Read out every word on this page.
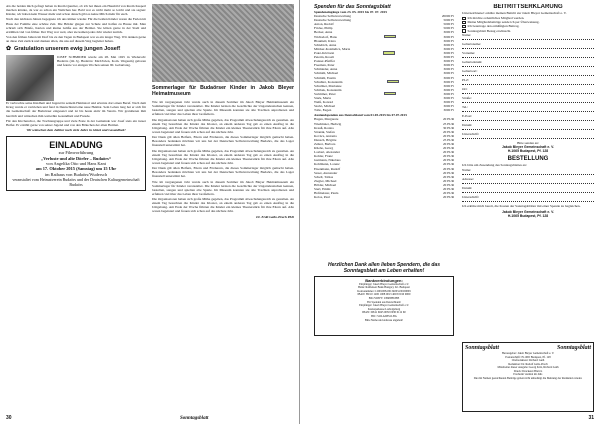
Als die beiden mich gefragt haben in ihrem Quartier, ob ich bei ihnen ein Hausbild von ihrem Kasperl machen könnte, da war es schon ein Weilchen her. Bald war es nicht mehr so leicht und sie sagten: Kinder, wir haben kein Wasser mehr und schon danach gibt es keine Milch mehr für euch.

Nach den nächsten Jahren begegnete ich uns immer wieder. Für die beiden Kinder waren die Ferien im Haus der Familie eine schöne Zeit. Die Brüder gingen zur Schule und halfen zu Hause mit. Man schrieb sich Briefe, Karten und kleine Grüße aus der Heimat. Sie lebten gerne in der Stadt und erzählten viel von früher. Der Weg war weit, aber sie kamen jedes Jahr wieder zurück.

Von den frühen Jahren im Dorf bis zu den Tagen in Budapest war es ein langer Weg. Wir denken gerne an diese Zeit zurück und danken allen, die uns auf diesem Weg begleitet haben.

✿ Gratulation unserem ewig jungen Josef!

JOSEF SCHMIDER wurde am 28. Mai 1925 in Wudersch/ Budaörs (im Jg. Budaörs/ Ma/Ubrien, Kom. Wegeum) geboren und feierte vor einigen Wochen seinen 90. Geburtstag.

Er verbrachte seine Kindheit und Jugend in seinem Heimatort und erlernte dort einen Beruf. Nach dem Krieg wurde er vertrieben und fand in Deutschland eine neue Heimat. Sein Leben lang hat er sich für die Gemeinschaft der Budaörser eingesetzt und ist bis heute aktiv im Verein. Wir gratulieren ihm herzlich und wünschen ihm weiterhin Gesundheit und Freude.

Für den Kirchenchor, die Trachtengruppe und viele Feste in der Gemeinde war Josef stets ein treuer Helfer. Er erzählt gerne von seiner Jugend und von den Bräuchen der alten Heimat.

Wir wünschen dem Jubilar noch viele Jahre in Glück und Gesundheit!

EINLADUNG
zur Filmvorführung
„Verluste und alte Dörfer – Budaörs“
von Angelika Otto und Hans Kant
am 17. Oktober 2015 (Samstag) um 15 Uhr
im Rathaus von Budaörs/Wudersch
veranstaltet vom Heimatverein Budaörs und der Deutschen Kulturgemeinschaft Budaörs

Sommerlager für Budaörser Kinder in Jakob Bleyer Heimatmuseum

Wie im vergangenen Jahr wurde auch in diesem Sommer im Jakob Bleyer Heimatmuseum ein Sommerlager für Kinder veranstaltet. Die Kinder lernten die Geschichte der Ungarndeutschen kennen, bastelten, sangen und spielten alte Spiele. Im Museum konnten sie alte Trachten anprobieren und erfuhren viel über das Leben ihrer Großeltern.

Die Organisatoren haben sich große Mühe gegeben, das Programm abwechslungsreich zu gestalten. An einem Tag besuchten die Kinder das Kloster, an einem anderen Tag gab es einen Ausflug in die Umgebung. Am Ende der Woche führten die Kinder ein kleines Theaterstück für ihre Eltern auf. Alle waren begeistert und freuen sich schon auf das nächste Jahr.

Der Dank gilt allen Helfern, Eltern und Förderern, die dieses Sommerlager möglich gemacht haben. Besonders bedanken möchten wir uns bei der Deutschen Selbstverwaltung Budaörs, die das Lager finanziell unterstützt hat.

Die Organisatoren haben sich große Mühe gegeben, das Programm abwechslungsreich zu gestalten. An einem Tag besuchten die Kinder das Kloster, an einem anderen Tag gab es einen Ausflug in die Umgebung. Am Ende der Woche führten die Kinder ein kleines Theaterstück für ihre Eltern auf. Alle waren begeistert und freuen sich schon auf das nächste Jahr.

Der Dank gilt allen Helfern, Eltern und Förderern, die dieses Sommerlager möglich gemacht haben. Besonders bedanken möchten wir uns bei der Deutschen Selbstverwaltung Budaörs, die das Lager finanziell unterstützt hat.

Wie im vergangenen Jahr wurde auch in diesem Sommer im Jakob Bleyer Heimatmuseum ein Sommerlager für Kinder veranstaltet. Die Kinder lernten die Geschichte der Ungarndeutschen kennen, bastelten, sangen und spielten alte Spiele. Im Museum konnten sie alte Trachten anprobieren und erfuhren viel über das Leben ihrer Großeltern.

Die Organisatoren haben sich große Mühe gegeben, das Programm abwechslungsreich zu gestalten. An einem Tag besuchten die Kinder das Kloster, an einem anderen Tag gab es einen Ausflug in die Umgebung. Am Ende der Woche führten die Kinder ein kleines Theaterstück für ihre Eltern auf. Alle waren begeistert und freuen sich schon auf das nächste Jahr.

Dr. Erdő Gallo-Pruch PhD

30	Sonntagsblatt
Spenden für das Sonntagsblatt
Spendeneingänge vom 23. 05. 2015 bis 07. 07. 2015
Deutsche Selbstverwaltung	20000 Ft
Deutsche Selbstverwaltung	5000 Ft
Anton, Rudolf	5000 Ft
Fricke, Philip	5000 Ft
Becker, Anna	3000 Ft
Wichsdorf, Hans	3000 Ft
Blaumeil, Klara	3000 Ft
Schiebich, Anna	3000 Ft
Mücker-Kozmelicz, Maria	3000 Ft
Pokó-Köröszsi	3000 Ft
Peterin, Rosali	3000 Ft
Ponner-Pfeiffer	3000 Ft
Freeman, Peter	3000 Ft
Schmieder, Anna	3000 Ft
Schmidt, Michael	3000 Ft
Schmidt, Eustin	3000 Ft
Schuhler, Konstantin	3000 Ft
Schullner, Marianne	3000 Ft
Schibek, Konstantin	3000 Ft
Swimmer, Peter	3000 Ft
Stark, Maria	3000 Ft
Weiß, Konrad	3000 Ft
Szabó, Michael	3000 Ft
Tolle, Eugen	3000 Ft
Auslandspenden aus Deutschland vom 01.05.2015 bis 07.07.2015
Hagen, Margarete	20 EUR
Wiedmaier, Hedwig	25 EUR
Krauß, Rosina	30 EUR
Stranák, Stefan	20 EUR
Kovács, Antonia	20 EUR
Dunsch, Brigitte	25 EUR
Zehrer, Barbara	20 EUR
Kliebe, Georg	20 EUR
Losbert, Alexander	20 EUR
Kohler, Franz	20 EUR
Gutmann, Nikolaus	20 EUR
Kohlmann, Lorenz	20 EUR
Eisenmann, Rudolf	20 EUR
Saxer, Alexander	20 EUR
Schell, Tobias	20 EUR
Ziegler, Michael	20 EUR
Hölder, Michael	20 EUR
Sterl, Emmi	20 EUR
Hofmeister, Paula	20 EUR
Kolos, Paul	20 EUR
Herzlichen Dank allen lieben Spendern, die das Sonntagsblatt am Leben erhalten!
Bankverbindungen:
Empfänger: Jakob Bleyer Gemeinschaft e.V.
Bank: Raiffeisen Bank Hungary Zrt. Budapest
Kontonummer: 12001008-00134003-00100009
IBAN: HU10 1200 1008 0013 4003 0010 0009
BIC/SWIFT: UBRTHUHB
Für Spenden aus Deutschland:
Empfänger: Jakob Bleyer Gemeinschaft e.V.
Kreissparkasse Ludwigsburg
IBAN: DE41 6045 0050 0030 0112 60
BIC: SOLADES1LBG
Bitte Name und Adresse angeben!
BEITRITTSERKLÄRUNG

Unterzeichnete/r erkläre meinen Beitritt zur Jakob Bleyer Gemeinschaft e. V.

Ich möchte ordentliches Mitglied werden.
Meine Mitgliedsbeiträge sende ich per Überweisung.
Ich beantrage den ermäßigten Beitrag.
Sonntagsblatt Bezug erwünscht.
Name:
Geburtsname:
Vorname:
Geburtsdatum:
Geburtsort:
PLZ:
Ort:
Straße:
Tel.:
E-Post:
Datum:
Unterschrift:
Bitte senden an:
Jakob Bleyer Gemeinschaft e. V.
H-1065 Budapest, Pf. 128
BESTELLUNG

Ich bitte um Zusendung des Sonntagsblattes an:

Name:
Adresse:
Datum:
Unterschrift:

Ich erkläre mich bereit, die Kosten der Sonntagsblätter mit einer Spende zu begleichen.

Jakob Bleyer Gemeinschaft e. V.
H-1065 Budapest, Pf. 128
Sonntagsblatt	Sonntagsblatt
Herausgeber: Jakob Bleyer Gemeinschaft e. V.
Postanschrift: H-1065 Budapest, Pf. 128
Chefredakteur: Richard Guth
Redaktion: Dr. Rudolf Gallo-Pruch
Mitarbeiter dieser Ausgabe: Georg Krix, Richard Guth
Druck: Druckerei Böröcz
Erscheint viermal im Jahr.
Die mit Namen gezeichneten Beiträge geben nicht unbedingt die Meinung der Redaktion wieder.
31
